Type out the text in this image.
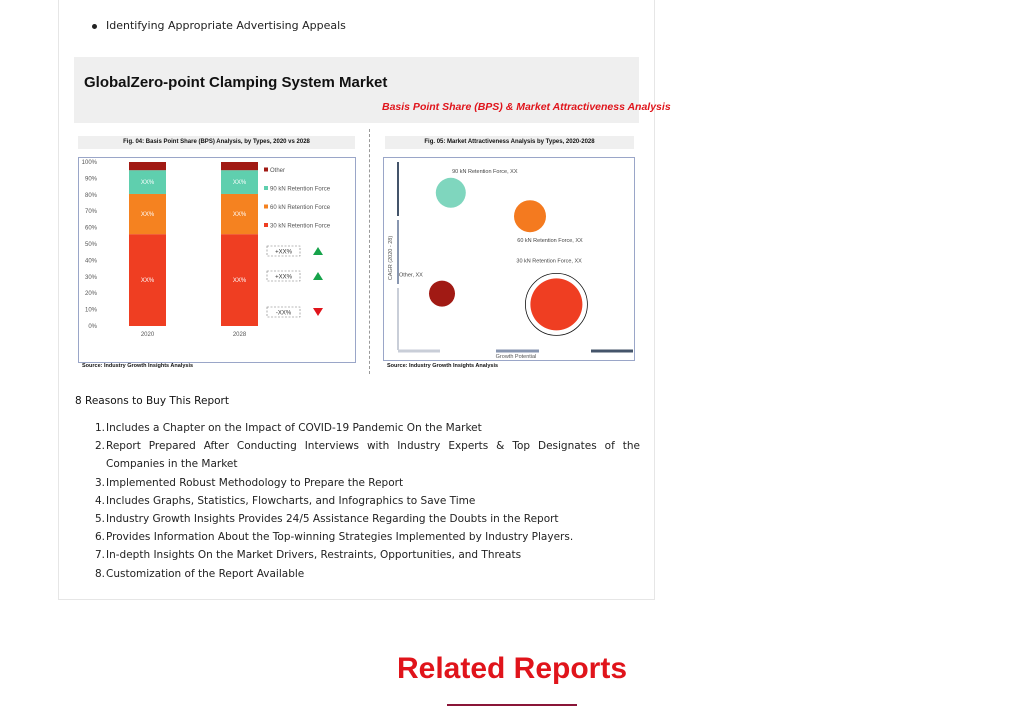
Identifying Appropriate Advertising Appeals
GlobalZero-point Clamping System Market
Basis Point Share (BPS) & Market Attractiveness Analysis
Fig. 04: Basis Point Share (BPS) Analysis, by Types, 2020 vs 2028
0%
10%
20%
30%
40%
50%
60%
70%
80%
90%
100%
XX%
XX%
XX%
2020
XX%
XX%
XX%
2028
Other
90 kN Retention Force
60 kN Retention Force
30 kN Retention Force
+XX%
+XX%
-XX%
Source: Industry Growth Insights Analysis
Fig. 05: Market Attractiveness Analysis by Types, 2020-2028
CAGR (2020 - 28)
Growth Potential
90 kN Retention Force, XX
60 kN Retention Force, XX
30 kN Retention Force, XX
Other, XX
Source: Industry Growth Insights Analysis
8 Reasons to Buy This Report
1. Includes a Chapter on the Impact of COVID-19 Pandemic On the Market
2. Report Prepared After Conducting Interviews with Industry Experts & Top Designates of the Companies in the Market
3. Implemented Robust Methodology to Prepare the Report
4. Includes Graphs, Statistics, Flowcharts, and Infographics to Save Time
5. Industry Growth Insights Provides 24/5 Assistance Regarding the Doubts in the Report
6. Provides Information About the Top-winning Strategies Implemented by Industry Players.
7. In-depth Insights On the Market Drivers, Restraints, Opportunities, and Threats
8. Customization of the Report Available
Related Reports
